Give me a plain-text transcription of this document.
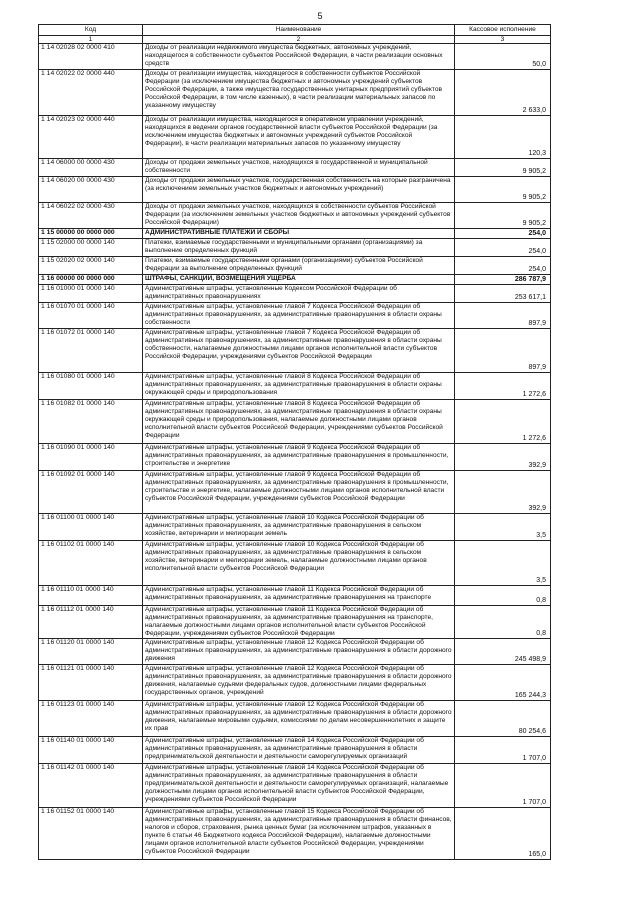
5
Код	Наименование	Кассовое исполнение
1	2	3
1 14 02028 02 0000 410	Доходы от реализации недвижимого имущества бюджетных, автономных учреждений, находящегося в собственности субъектов Российской Федерации, в части реализации основных средств	50,0
1 14 02022 02 0000 440	Доходы от реализации имущества, находящегося в собственности субъектов Российской Федерации (за исключением имущества бюджетных и автономных учреждений субъектов Российской Федерации, а также имущества государственных унитарных предприятий субъектов Российской Федерации, в том числе казенных), в части реализации материальных запасов по указанному имуществу	2 633,0
1 14 02023 02 0000 440	Доходы от реализации имущества, находящегося в оперативном управлении учреждений, находящихся в ведении органов государственной власти субъектов Российской Федерации (за исключением имущества бюджетных и автономных учреждений субъектов Российской Федерации), в части реализации материальных запасов по указанному имуществу	120,3
1 14 06000 00 0000 430	Доходы от продажи земельных участков, находящихся в государственной и муниципальной собственности	9 905,2
1 14 06020 00 0000 430	Доходы от продажи земельных участков, государственная собственность на которые разграничена (за исключением земельных участков бюджетных и автономных учреждений)	9 905,2
1 14 06022 02 0000 430	Доходы от продажи земельных участков, находящихся в собственности субъектов Российской Федерации (за исключением земельных участков бюджетных и автономных учреждений субъектов Российской Федерации)	9 905,2
1 15 00000 00 0000 000	АДМИНИСТРАТИВНЫЕ ПЛАТЕЖИ И СБОРЫ	254,0
1 15 02000 00 0000 140	Платежи, взимаемые государственными и муниципальными органами (организациями) за выполнение определенных функций	254,0
1 15 02020 02 0000 140	Платежи, взимаемые государственными органами (организациями) субъектов Российской Федерации за выполнение определенных функций	254,0
1 16 00000 00 0000 000	ШТРАФЫ, САНКЦИИ, ВОЗМЕЩЕНИЯ УЩЕРБА	286 787,9
1 16 01000 01 0000 140	Административные штрафы, установленные Кодексом Российской Федерации об административных правонарушениях	253 617,1
1 16 01070 01 0000 140	Административные штрафы, установленные главой 7 Кодекса Российской Федерации об административных правонарушениях, за административные правонарушения в области охраны собственности	897,9
1 16 01072 01 0000 140	Административные штрафы, установленные главой 7 Кодекса Российской Федерации об административных правонарушениях, за административные правонарушения в области охраны собственности, налагаемые должностными лицами органов исполнительной власти субъектов Российской Федерации, учреждениями субъектов Российской Федерации	897,9
1 16 01080 01 0000 140	Административные штрафы, установленные главой 8 Кодекса Российской Федерации об административных правонарушениях, за административные правонарушения в области охраны окружающей среды и природопользования	1 272,6
1 16 01082 01 0000 140	Административные штрафы, установленные главой 8 Кодекса Российской Федерации об административных правонарушениях, за административные правонарушения в области охраны окружающей среды и природопользования, налагаемые должностными лицами органов исполнительной власти субъектов Российской Федерации, учреждениями субъектов Российской Федерации	1 272,6
1 16 01090 01 0000 140	Административные штрафы, установленные главой 9 Кодекса Российской Федерации об административных правонарушениях, за административные правонарушения в промышленности, строительстве и энергетике	392,9
1 16 01092 01 0000 140	Административные штрафы, установленные главой 9 Кодекса Российской Федерации об административных правонарушениях, за административные правонарушения в промышленности, строительстве и энергетике, налагаемые должностными лицами органов исполнительной власти субъектов Российской Федерации, учреждениями субъектов Российской Федерации	392,9
1 16 01100 01 0000 140	Административные штрафы, установленные главой 10 Кодекса Российской Федерации об административных правонарушениях, за административные правонарушения в сельском хозяйстве, ветеринарии и мелиорации земель	3,5
1 16 01102 01 0000 140	Административные штрафы, установленные главой 10 Кодекса Российской Федерации об административных правонарушениях, за административные правонарушения в сельском хозяйстве, ветеринарии и мелиорации земель, налагаемые должностными лицами органов исполнительной власти субъектов Российской Федерации	3,5
1 16 01110 01 0000 140	Административные штрафы, установленные главой 11 Кодекса Российской Федерации об административных правонарушениях, за административные правонарушения на транспорте	0,8
1 16 01112 01 0000 140	Административные штрафы, установленные главой 11 Кодекса Российской Федерации об административных правонарушениях, за административные правонарушения на транспорте, налагаемые должностными лицами органов исполнительной власти субъектов Российской Федерации, учреждениями субъектов Российской Федерации	0,8
1 16 01120 01 0000 140	Административные штрафы, установленные главой 12 Кодекса Российской Федерации об административных правонарушениях, за административные правонарушения в области дорожного движения	245 498,9
1 16 01121 01 0000 140	Административные штрафы, установленные главой 12 Кодекса Российской Федерации об административных правонарушениях, за административные правонарушения в области дорожного движения, налагаемые судьями федеральных судов, должностными лицами федеральных государственных органов, учреждений	165 244,3
1 16 01123 01 0000 140	Административные штрафы, установленные главой 12 Кодекса Российской Федерации об административных правонарушениях, за административные правонарушения в области дорожного движения, налагаемые мировыми судьями, комиссиями по делам несовершеннолетних и защите их прав	80 254,6
1 16 01140 01 0000 140	Административные штрафы, установленные главой 14 Кодекса Российской Федерации об административных правонарушениях, за административные правонарушения в области предпринимательской деятельности и деятельности саморегулируемых организаций	1 707,0
1 16 01142 01 0000 140	Административные штрафы, установленные главой 14 Кодекса Российской Федерации об административных правонарушениях, за административные правонарушения в области предпринимательской деятельности и деятельности саморегулируемых организаций, налагаемые должностными лицами органов исполнительной власти субъектов Российской Федерации, учреждениями субъектов Российской Федерации	1 707,0
1 16 01152 01 0000 140	Административные штрафы, установленные главой 15 Кодекса Российской Федерации об административных правонарушениях, за административные правонарушения в области финансов, налогов и сборов, страхования, рынка ценных бумаг (за исключением штрафов, указанных в пункте 6 статьи 46 Бюджетного кодекса Российской Федерации), налагаемые должностными лицами органов исполнительной власти субъектов Российской Федерации, учреждениями субъектов Российской Федерации	165,0
